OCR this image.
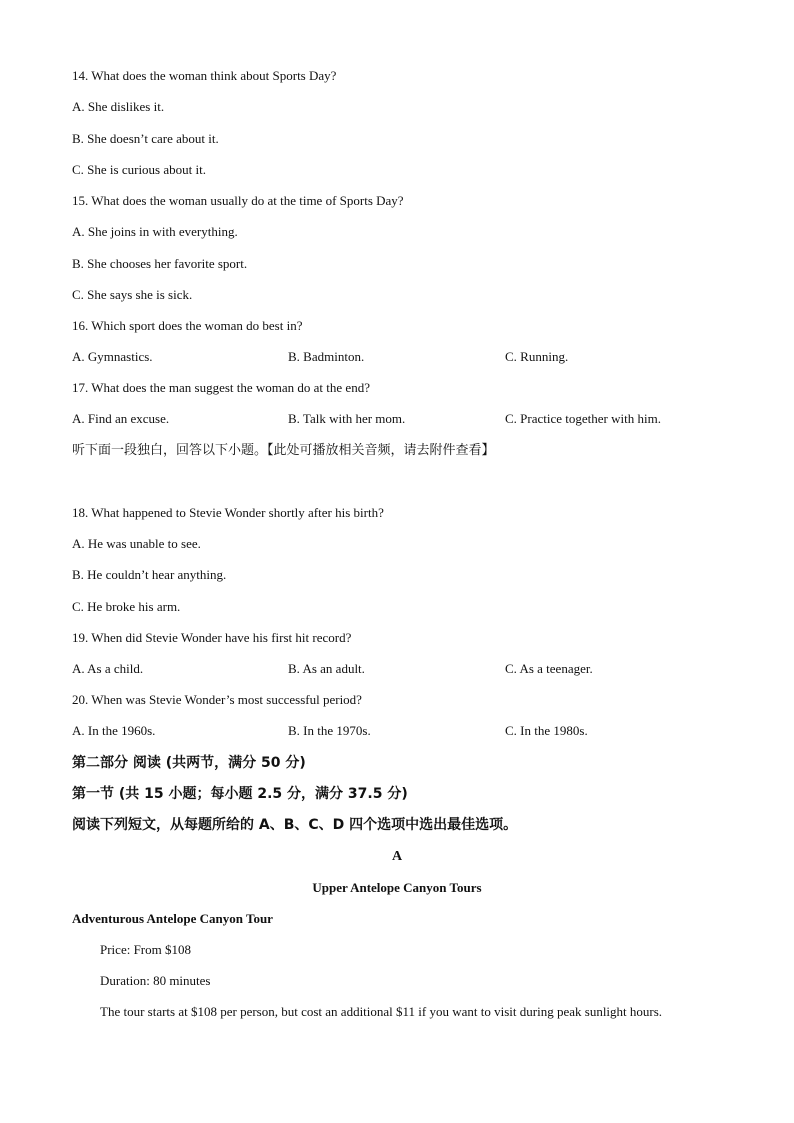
14. What does the woman think about Sports Day?
A. She dislikes it.
B. She doesn’t care about it.
C. She is curious about it.
15. What does the woman usually do at the time of Sports Day?
A. She joins in with everything.
B. She chooses her favorite sport.
C. She says she is sick.
16. Which sport does the woman do best in?
A. Gymnastics.	B. Badminton.	C. Running.
17. What does the man suggest the woman do at the end?
A. Find an excuse.	B. Talk with her mom.	C. Practice together with him.
听下面一段独白，回答以下小题。【此处可播放相关音频，请去附件查看】
18. What happened to Stevie Wonder shortly after his birth?
A. He was unable to see.
B. He couldn’t hear anything.
C. He broke his arm.
19. When did Stevie Wonder have his first hit record?
A. As a child.	B. As an adult.	C. As a teenager.
20. When was Stevie Wonder’s most successful period?
A. In the 1960s.	B. In the 1970s.	C. In the 1980s.
第二部分 阅读 (共两节，满分 50 分)
第一节 (共 15 小题；每小题 2.5 分，满分 37.5 分)
阅读下列短文，从每题所给的 A、B、C、D 四个选项中选出最佳选项。
A
Upper Antelope Canyon Tours
Adventurous Antelope Canyon Tour
Price: From $108
Duration: 80 minutes
The tour starts at $108 per person, but cost an additional $11 if you want to visit during peak sunlight hours.
